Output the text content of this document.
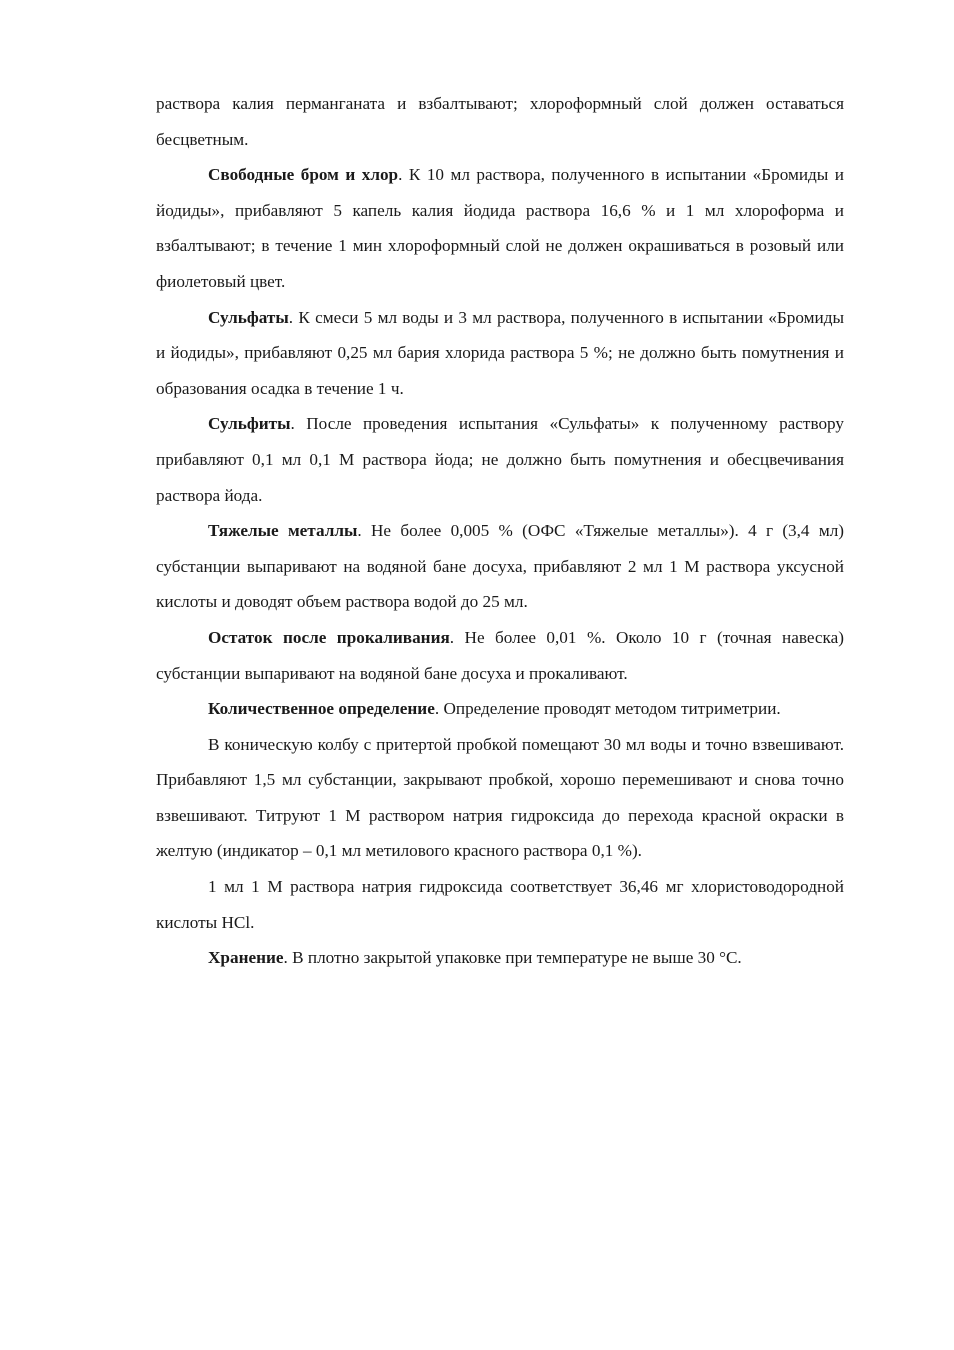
раствора калия перманганата и взбалтывают; хлороформный слой должен оставаться бесцветным.

Свободные бром и хлор. К 10 мл раствора, полученного в испытании «Бромиды и йодиды», прибавляют 5 капель калия йодида раствора 16,6 % и 1 мл хлороформа и взбалтывают; в течение 1 мин хлороформный слой не должен окрашиваться в розовый или фиолетовый цвет.

Сульфаты. К смеси 5 мл воды и 3 мл раствора, полученного в испытании «Бромиды и йодиды», прибавляют 0,25 мл бария хлорида раствора 5 %; не должно быть помутнения и образования осадка в течение 1 ч.

Сульфиты. После проведения испытания «Сульфаты» к полученному раствору прибавляют 0,1 мл 0,1 М раствора йода; не должно быть помутнения и обесцвечивания раствора йода.

Тяжелые металлы. Не более 0,005 % (ОФС «Тяжелые металлы»). 4 г (3,4 мл) субстанции выпаривают на водяной бане досуха, прибавляют 2 мл 1 М раствора уксусной кислоты и доводят объем раствора водой до 25 мл.

Остаток после прокаливания. Не более 0,01 %. Около 10 г (точная навеска) субстанции выпаривают на водяной бане досуха и прокаливают.

Количественное определение. Определение проводят методом титриметрии.

В коническую колбу с притертой пробкой помещают 30 мл воды и точно взвешивают. Прибавляют 1,5 мл субстанции, закрывают пробкой, хорошо перемешивают и снова точно взвешивают. Титруют 1 М раствором натрия гидроксида до перехода красной окраски в желтую (индикатор – 0,1 мл метилового красного раствора 0,1 %).

1 мл 1 М раствора натрия гидроксида соответствует 36,46 мг хлористоводородной кислоты HCl.

Хранение. В плотно закрытой упаковке при температуре не выше 30 °С.
